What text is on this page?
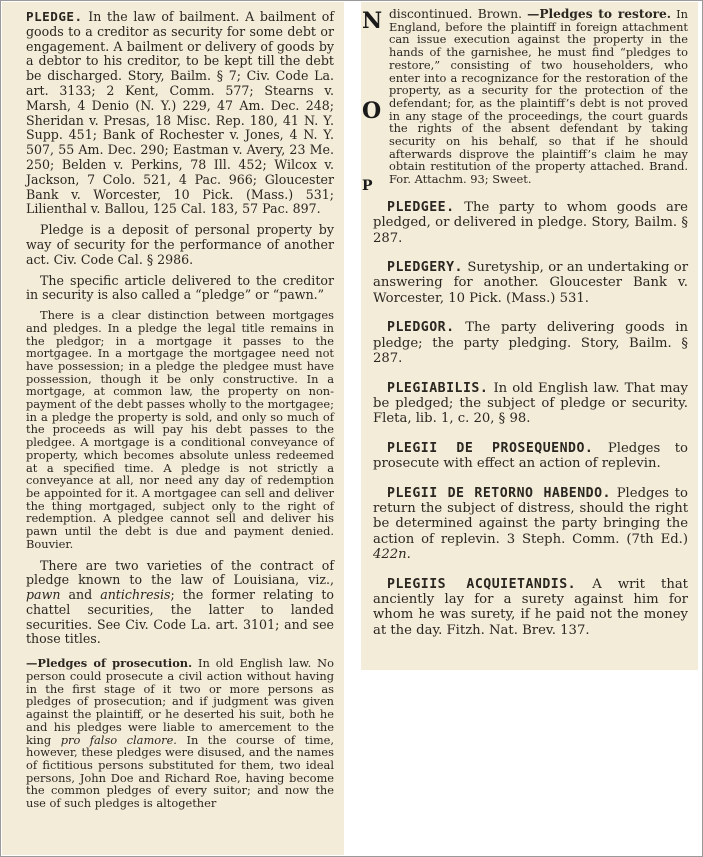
PLEDGE. In the law of bailment. A bailment of goods to a creditor as security for some debt or engagement. A bailment or delivery of goods by a debtor to his creditor, to be kept till the debt be discharged. Story, Bailm. § 7; Civ. Code La. art. 3133; 2 Kent, Comm. 577; Stearns v. Marsh, 4 Denio (N. Y.) 229, 47 Am. Dec. 248; Sheridan v. Presas, 18 Misc. Rep. 180, 41 N. Y. Supp. 451; Bank of Rochester v. Jones, 4 N. Y. 507, 55 Am. Dec. 290; Eastman v. Avery, 23 Me. 250; Belden v. Perkins, 78 Ill. 452; Wilcox v. Jackson, 7 Colo. 521, 4 Pac. 966; Gloucester Bank v. Worcester, 10 Pick. (Mass.) 531; Lilienthal v. Ballou, 125 Cal. 183, 57 Pac. 897.

Pledge is a deposit of personal property by way of security for the performance of another act. Civ. Code Cal. § 2986.

The specific article delivered to the creditor in security is also called a “pledge” or “pawn.”

There is a clear distinction between mortgages and pledges. In a pledge the legal title remains in the pledgor; in a mortgage it passes to the mortgagee. In a mortgage the mortgagee need not have possession; in a pledge the pledgee must have possession, though it be only constructive. In a mortgage, at common law, the property on non-payment of the debt passes wholly to the mortgagee; in a pledge the property is sold, and only so much of the proceeds as will pay his debt passes to the pledgee. A mortgage is a conditional conveyance of property, which becomes absolute unless redeemed at a specified time. A pledge is not strictly a conveyance at all, nor need any day of redemption be appointed for it. A mortgagee can sell and deliver the thing mortgaged, subject only to the right of redemption. A pledgee cannot sell and deliver his pawn until the debt is due and payment denied. Bouvier.

There are two varieties of the contract of pledge known to the law of Louisiana, viz., pawn and antichresis; the former relating to chattel securities, the latter to landed securities. See Civ. Code La. art. 3101; and see those titles.

—Pledges of prosecution. In old English law. No person could prosecute a civil action without having in the first stage of it two or more persons as pledges of prosecution; and if judgment was given against the plaintiff, or he deserted his suit, both he and his pledges were liable to amercement to the king pro falso clamore. In the course of time, however, these pledges were disused, and the names of fictitious persons substituted for them, two ideal persons, John Doe and Richard Roe, having become the common pledges of every suitor; and now the use of such pledges is altogether

N
O
P

discontinued. Brown. —Pledges to restore. In England, before the plaintiff in foreign attachment can issue execution against the property in the hands of the garnishee, he must find “pledges to restore,” consisting of two householders, who enter into a recognizance for the restoration of the property, as a security for the protection of the defendant; for, as the plaintiff’s debt is not proved in any stage of the proceedings, the court guards the rights of the absent defendant by taking security on his behalf, so that if he should afterwards disprove the plaintiff’s claim he may obtain restitution of the property attached. Brand. For. Attachm. 93; Sweet.

PLEDGEE. The party to whom goods are pledged, or delivered in pledge. Story, Bailm. § 287.

PLEDGERY. Suretyship, or an undertaking or answering for another. Gloucester Bank v. Worcester, 10 Pick. (Mass.) 531.

PLEDGOR. The party delivering goods in pledge; the party pledging. Story, Bailm. § 287.

PLEGIABILIS. In old English law. That may be pledged; the subject of pledge or security. Fleta, lib. 1, c. 20, § 98.

PLEGII DE PROSEQUENDO. Pledges to prosecute with effect an action of replevin.

PLEGII DE RETORNO HABENDO. Pledges to return the subject of distress, should the right be determined against the party bringing the action of replevin. 3 Steph. Comm. (7th Ed.) 422n.

PLEGIIS ACQUIETANDIS. A writ that anciently lay for a surety against him for whom he was surety, if he paid not the money at the day. Fitzh. Nat. Brev. 137.
